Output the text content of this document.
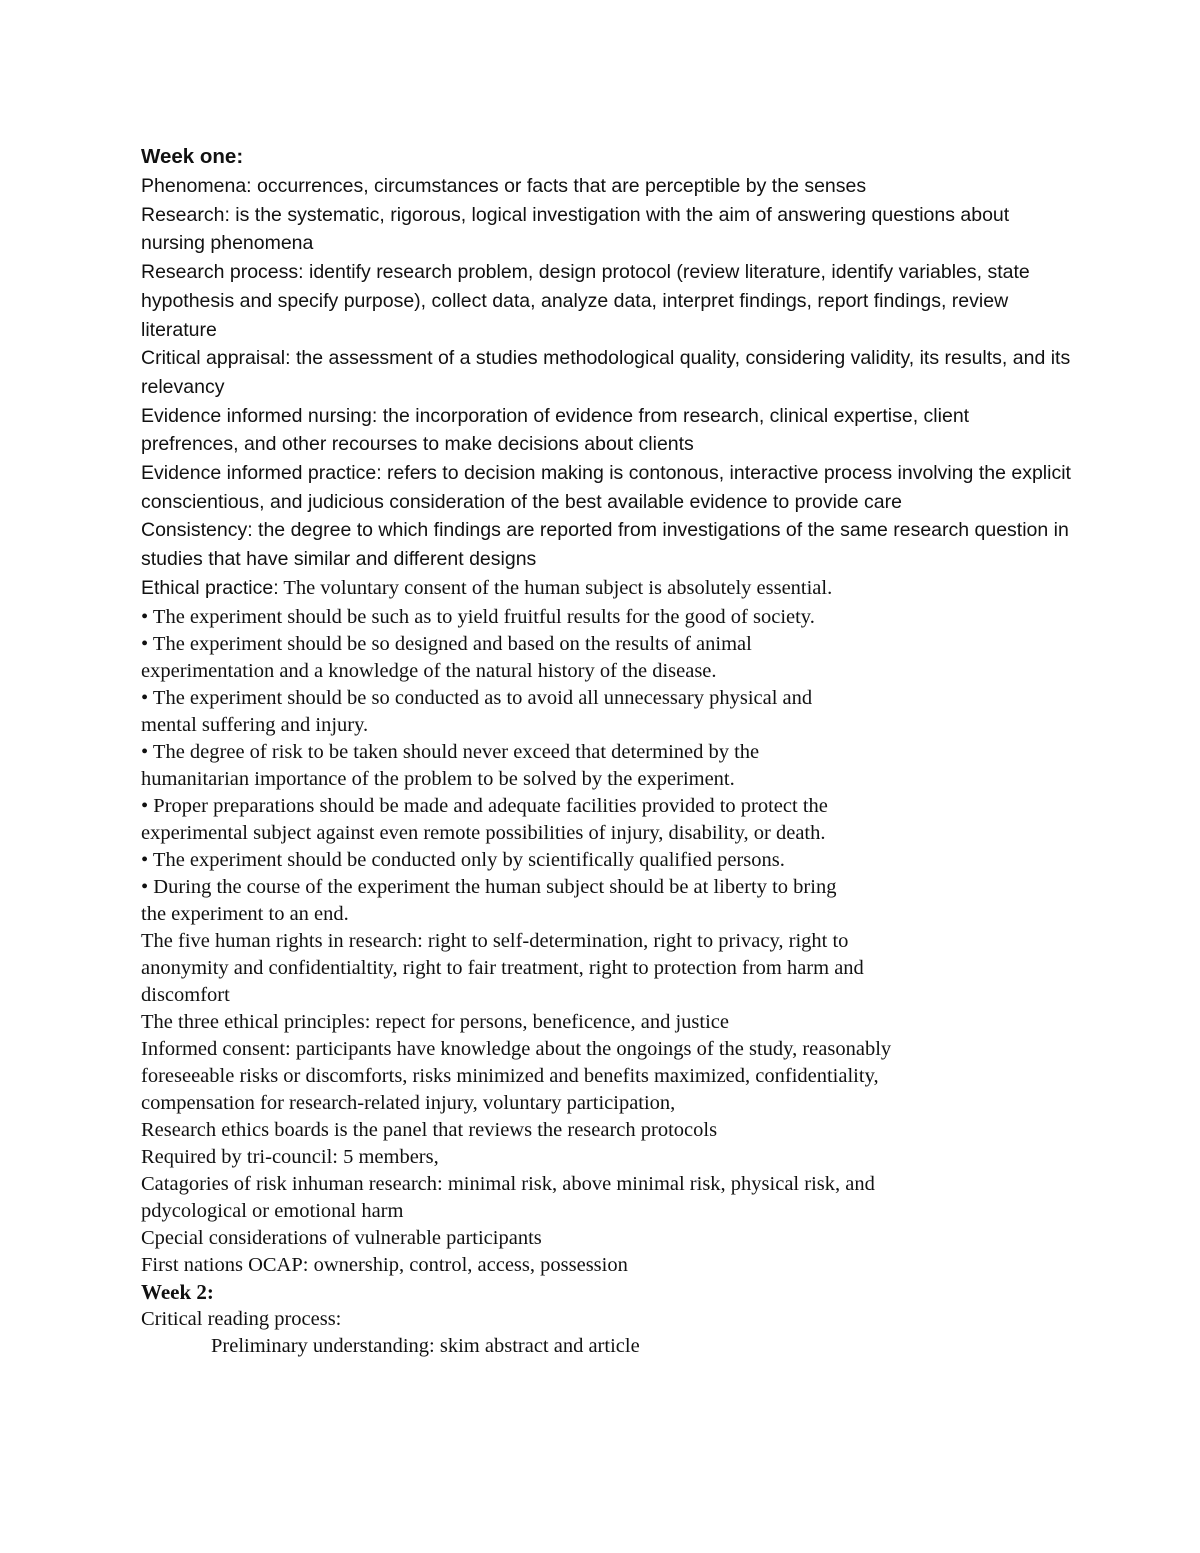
Week one:

Phenomena: occurrences, circumstances or facts that are perceptible by the senses

Research: is the systematic, rigorous, logical investigation with the aim of answering questions about nursing phenomena

Research process: identify research problem, design protocol (review literature, identify variables, state hypothesis and specify purpose), collect data, analyze data, interpret findings, report findings, review literature

Critical appraisal: the assessment of a studies methodological quality, considering validity, its results, and its relevancy

Evidence informed nursing: the incorporation of evidence from research, clinical expertise, client prefrences, and other recourses to make decisions about clients

Evidence informed practice: refers to decision making is contonous, interactive process involving the explicit conscientious, and judicious consideration of the best available evidence to provide care

Consistency: the degree to which findings are reported from investigations of the same research question in studies that have similar and different designs

Ethical practice: The voluntary consent of the human subject is absolutely essential.

• The experiment should be such as to yield fruitful results for the good of society.

• The experiment should be so designed and based on the results of animal

experimentation and a knowledge of the natural history of the disease.

• The experiment should be so conducted as to avoid all unnecessary physical and

mental suffering and injury.

• The degree of risk to be taken should never exceed that determined by the

humanitarian importance of the problem to be solved by the experiment.

• Proper preparations should be made and adequate facilities provided to protect the

experimental subject against even remote possibilities of injury, disability, or death.

• The experiment should be conducted only by scientifically qualified persons.

• During the course of the experiment the human subject should be at liberty to bring

the experiment to an end.

The five human rights in research: right to self-determination, right to privacy, right to

anonymity and confidentialtity, right to fair treatment, right to protection from harm and

discomfort

The three ethical principles: repect for persons, beneficence, and justice

Informed consent: participants have knowledge about the ongoings of the study, reasonably

foreseeable risks or discomforts, risks minimized and benefits maximized, confidentiality,

compensation for research-related injury, voluntary participation,

Research ethics boards is the panel that reviews the research protocols

Required by tri-council: 5 members,

Catagories of risk inhuman research: minimal risk, above minimal risk, physical risk, and

pdycological or emotional harm

Cpecial considerations of vulnerable participants

First nations OCAP: ownership, control, access, possession

Week 2:

Critical reading process:

Preliminary understanding: skim abstract and article
